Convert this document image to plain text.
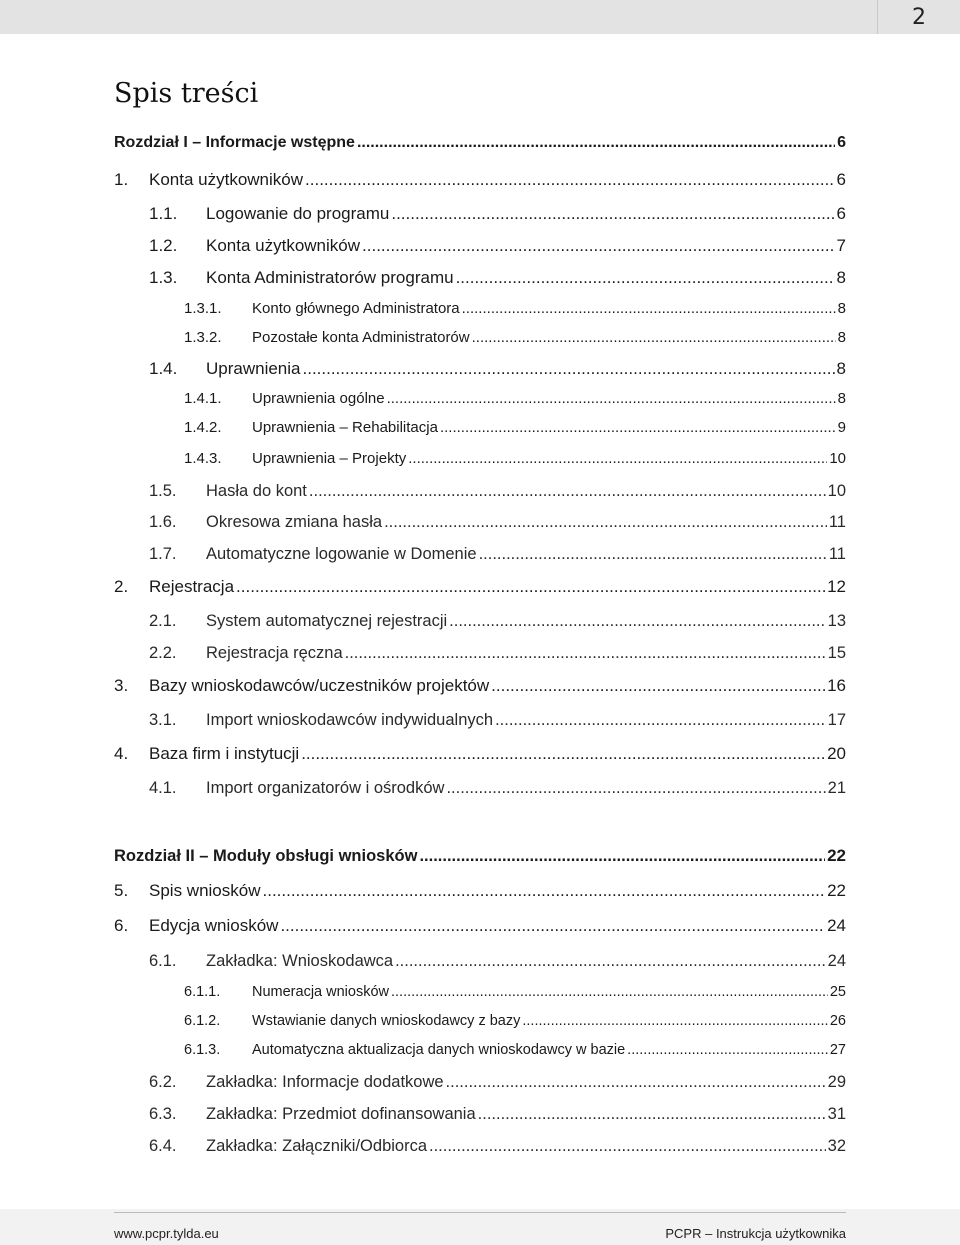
2
Spis treści
Rozdział I – Informacje wstępne .....	6
1.	Konta użytkowników .....	6
1.1.	Logowanie do programu .....	6
1.2.	Konta użytkowników .....	7
1.3.	Konta Administratorów programu .....	8
1.3.1.	Konto głównego Administratora .....	8
1.3.2.	Pozostałe konta Administratorów .....	8
1.4.	Uprawnienia .....	8
1.4.1.	Uprawnienia ogólne .....	8
1.4.2.	Uprawnienia – Rehabilitacja .....	9
1.4.3.	Uprawnienia – Projekty .....	10
1.5.	Hasła do kont .....	10
1.6.	Okresowa zmiana hasła .....	11
1.7.	Automatyczne logowanie w Domenie .....	11
2.	Rejestracja .....	12
2.1.	System automatycznej rejestracji .....	13
2.2.	Rejestracja ręczna .....	15
3.	Bazy wnioskodawców/uczestników projektów .....	16
3.1.	Import wnioskodawców indywidualnych .....	17
4.	Baza firm i instytucji .....	20
4.1.	Import organizatorów i ośrodków .....	21
Rozdział II – Moduły obsługi wniosków .....	22
5.	Spis wniosków .....	22
6.	Edycja wniosków .....	24
6.1.	Zakładka: Wnioskodawca .....	24
6.1.1.	Numeracja wniosków .....	25
6.1.2.	Wstawianie danych wnioskodawcy z bazy .....	26
6.1.3.	Automatyczna aktualizacja danych wnioskodawcy w bazie .....	27
6.2.	Zakładka: Informacje dodatkowe .....	29
6.3.	Zakładka: Przedmiot dofinansowania .....	31
6.4.	Zakładka: Załączniki/Odbiorca .....	32
www.pcpr.tylda.eu	PCPR – Instrukcja użytkownika
